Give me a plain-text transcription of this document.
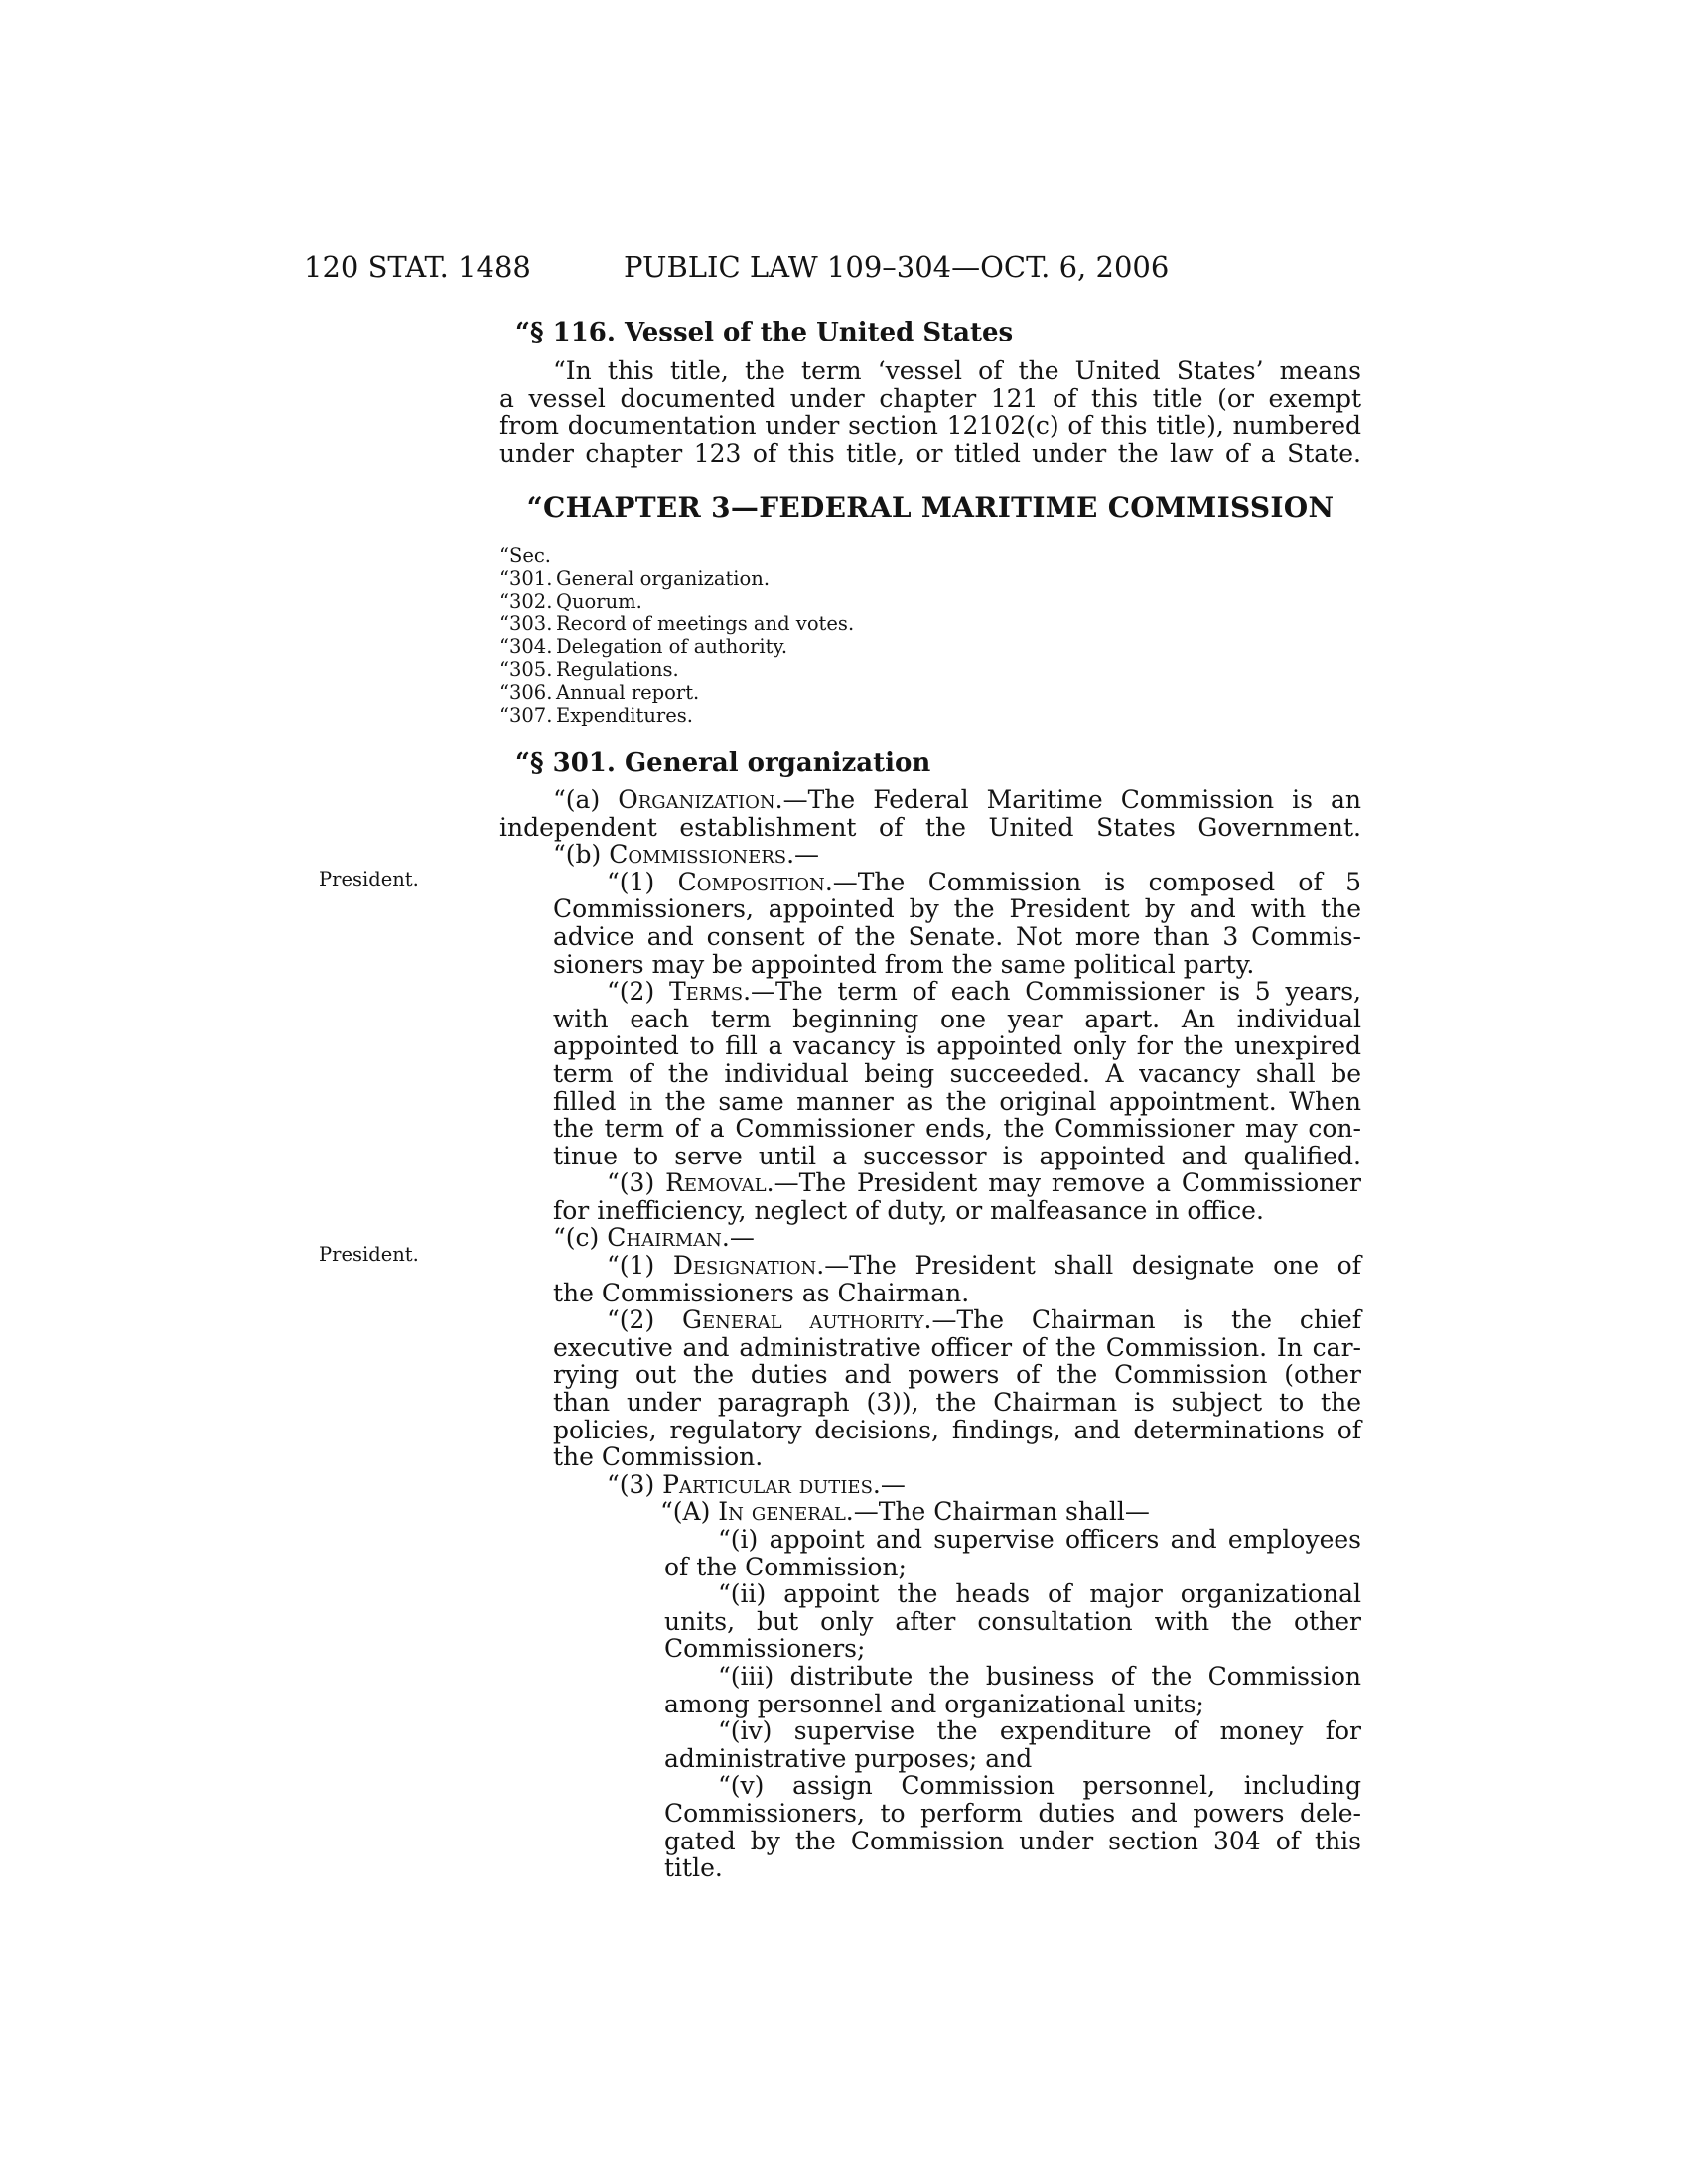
120 STAT. 1488	PUBLIC LAW 109–304—OCT. 6, 2006
President.
President.
“§ 116. Vessel of the United States
“In this title, the term ‘vessel of the United States’ means
a vessel documented under chapter 121 of this title (or exempt
from documentation under section 12102(c) of this title), numbered
under chapter 123 of this title, or titled under the law of a State.
“CHAPTER 3—FEDERAL MARITIME COMMISSION
“Sec.
“301. General organization.
“302. Quorum.
“303. Record of meetings and votes.
“304. Delegation of authority.
“305. Regulations.
“306. Annual report.
“307. Expenditures.
“§ 301. General organization
“(a) Organization.—The Federal Maritime Commission is an
independent establishment of the United States Government.
“(b) Commissioners.—
“(1) Composition.—The Commission is composed of 5
Commissioners, appointed by the President by and with the
advice and consent of the Senate. Not more than 3 Commis-
sioners may be appointed from the same political party.
“(2) Terms.—The term of each Commissioner is 5 years,
with each term beginning one year apart. An individual
appointed to fill a vacancy is appointed only for the unexpired
term of the individual being succeeded. A vacancy shall be
filled in the same manner as the original appointment. When
the term of a Commissioner ends, the Commissioner may con-
tinue to serve until a successor is appointed and qualified.
“(3) Removal.—The President may remove a Commissioner
for inefficiency, neglect of duty, or malfeasance in office.
“(c) Chairman.—
“(1) Designation.—The President shall designate one of
the Commissioners as Chairman.
“(2) General authority.—The Chairman is the chief
executive and administrative officer of the Commission. In car-
rying out the duties and powers of the Commission (other
than under paragraph (3)), the Chairman is subject to the
policies, regulatory decisions, findings, and determinations of
the Commission.
“(3) Particular duties.—
“(A) In general.—The Chairman shall—
“(i) appoint and supervise officers and employees
of the Commission;
“(ii) appoint the heads of major organizational
units, but only after consultation with the other
Commissioners;
“(iii) distribute the business of the Commission
among personnel and organizational units;
“(iv) supervise the expenditure of money for
administrative purposes; and
“(v) assign Commission personnel, including
Commissioners, to perform duties and powers dele-
gated by the Commission under section 304 of this
title.
